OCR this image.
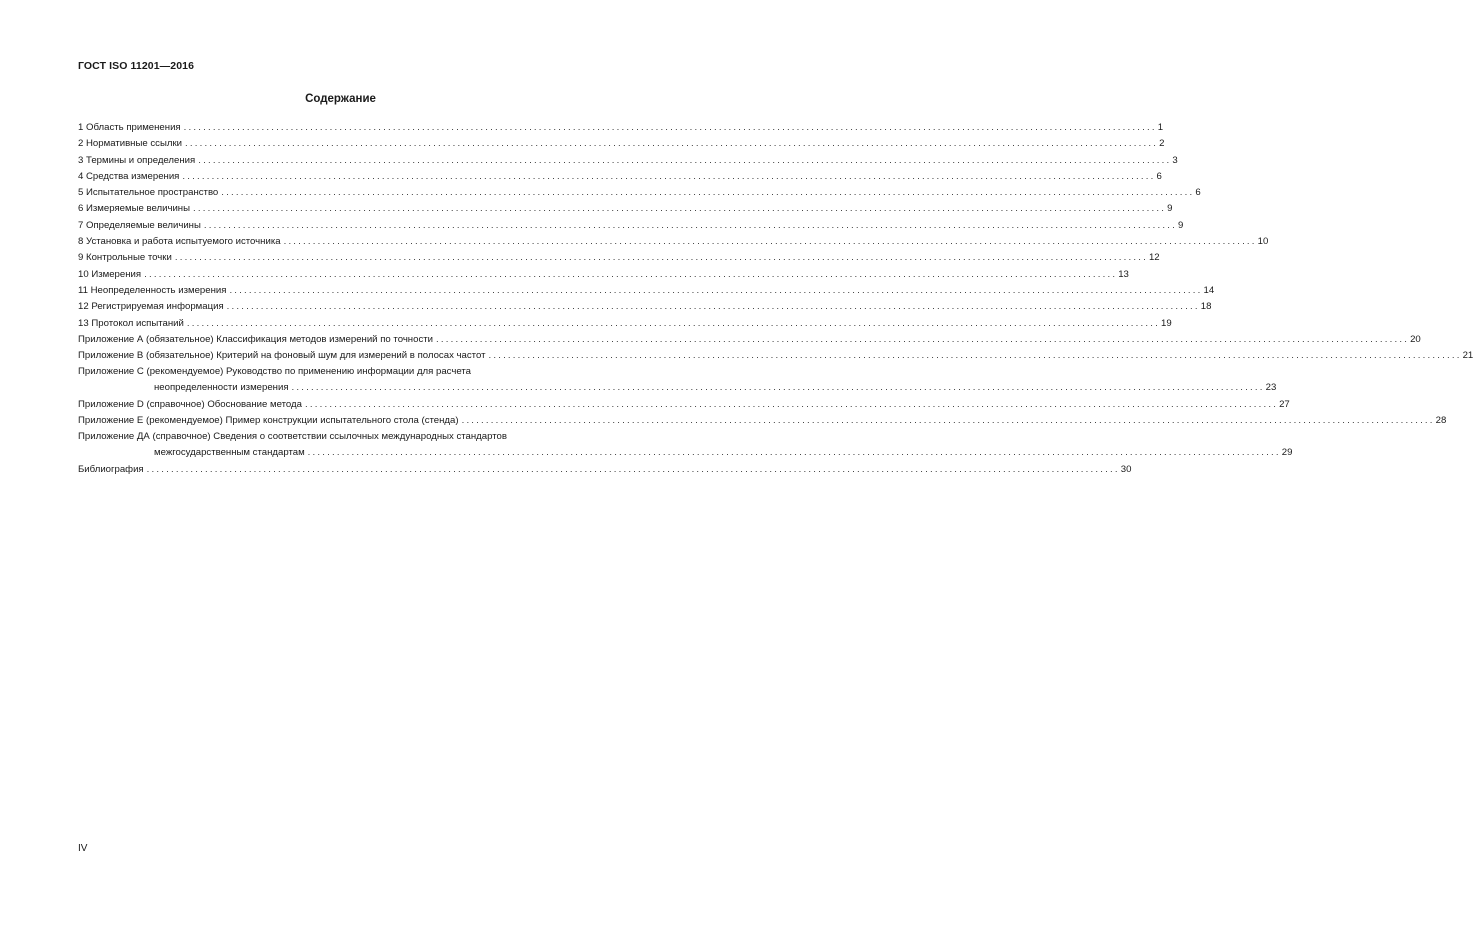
ГОСТ ISO 11201—2016
Содержание
1 Область применения ........................................................................................................................................................................................................ 1
2 Нормативные ссылки ........................................................................................................................................................................................................ 2
3 Термины и определения ........................................................................................................................................................................................................ 3
4 Средства измерения ........................................................................................................................................................................................................ 6
5 Испытательное пространство ........................................................................................................................................................................................................ 6
6 Измеряемые величины ........................................................................................................................................................................................................ 9
7 Определяемые величины ........................................................................................................................................................................................................ 9
8 Установка и работа испытуемого источника ........................................................................................................................................................................................................ 10
9 Контрольные точки ........................................................................................................................................................................................................ 12
10 Измерения ........................................................................................................................................................................................................ 13
11 Неопределенность измерения ........................................................................................................................................................................................................ 14
12 Регистрируемая информация ........................................................................................................................................................................................................ 18
13 Протокол испытаний ........................................................................................................................................................................................................ 19
Приложение А (обязательное) Классификация методов измерений по точности ........................................................................................................................................................................................................ 20
Приложение В (обязательное) Критерий на фоновый шум для измерений в полосах частот ........................................................................................................................................................................................................ 21
Приложение С (рекомендуемое) Руководство по применению информации для расчета
неопределенности измерения ........................................................................................................................................................................................................ 23
Приложение D (справочное) Обоснование метода ........................................................................................................................................................................................................ 27
Приложение Е (рекомендуемое) Пример конструкции испытательного стола (стенда) ........................................................................................................................................................................................................ 28
Приложение ДА (справочное) Сведения о соответствии ссылочных международных стандартов
межгосударственным стандартам ........................................................................................................................................................................................................ 29
Библиография ........................................................................................................................................................................................................ 30
IV
